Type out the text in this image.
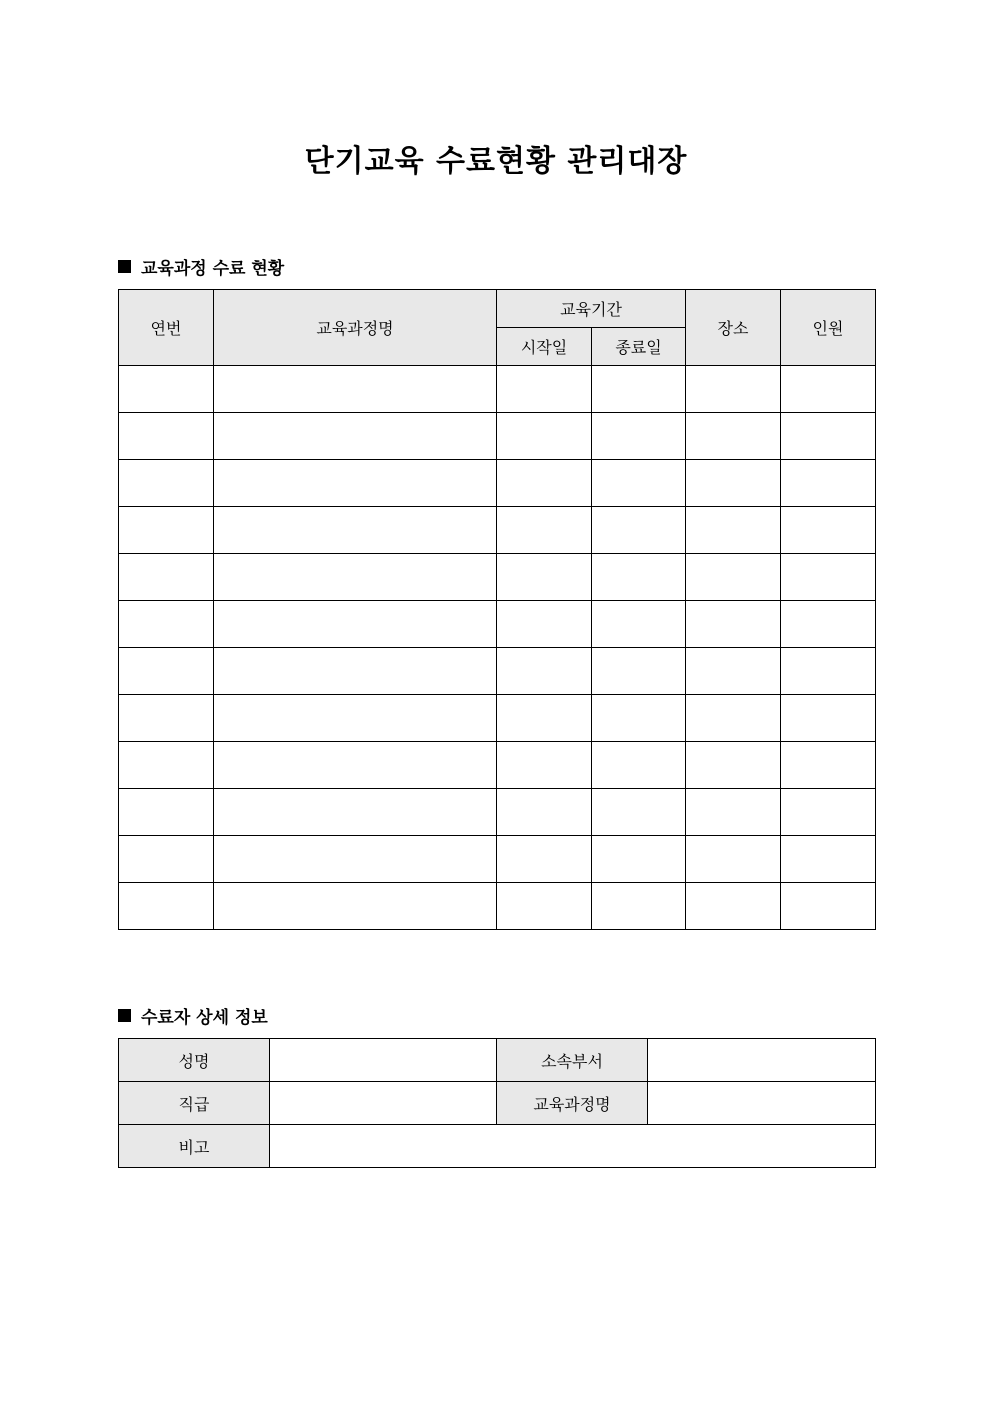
단기교육 수료현황 관리대장
교육과정 수료 현황
연번	교육과정명	교육기간		장소	인원
		시작일	종료일		

수료자 상세 정보
성명		소속부서	
직급		교육과정명	
비고			
